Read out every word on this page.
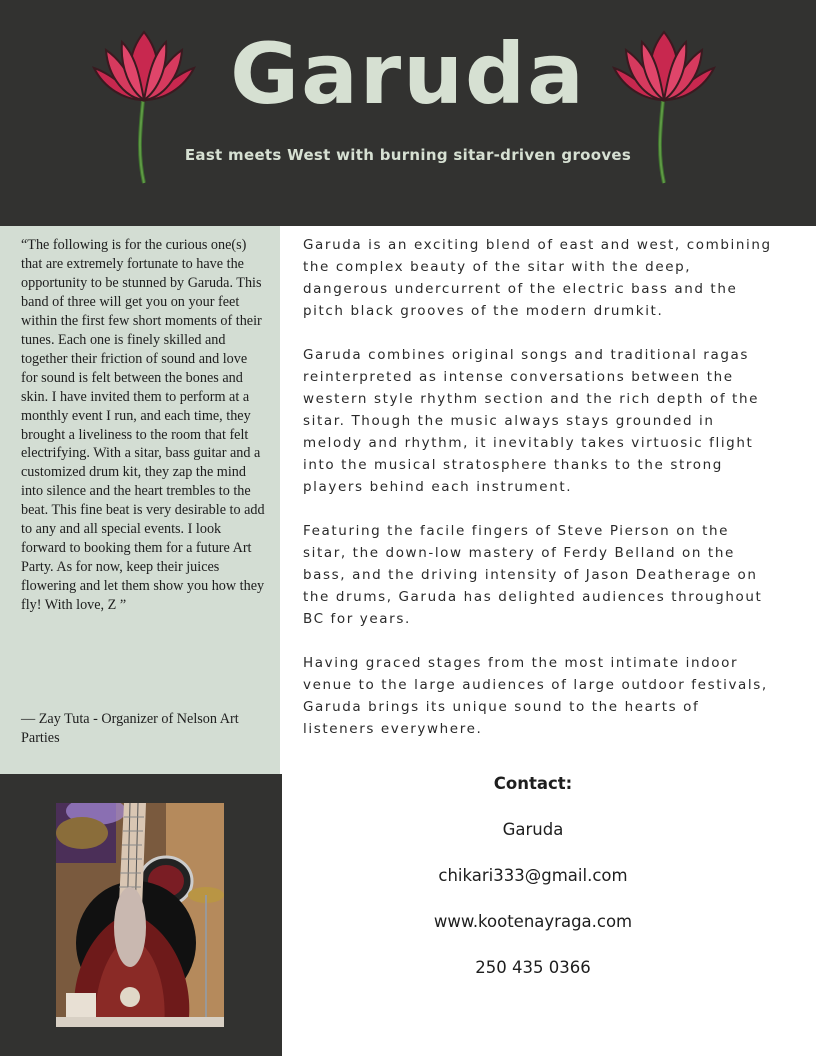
Garuda
East meets West with burning sitar-driven grooves
“The following is for the curious one(s) that are extremely fortunate to have the opportunity to be stunned by Garuda. This band of three will get you on your feet within the first few short moments of their tunes. Each one is finely skilled and together their friction of sound and love for sound is felt between the bones and skin. I have invited them to perform at a monthly event I run, and each time, they brought a liveliness to the room that felt electrifying. With a sitar, bass guitar and a customized drum kit, they zap the mind into silence and the heart trembles to the beat. This fine beat is very desirable to add to any and all special events. I look forward to booking them for a future Art Party. As for now, keep their juices flowering and let them show you how they fly! With love, Z ”
— Zay Tuta - Organizer of Nelson Art Parties

Garuda is an exciting blend of east and west, combining the complex beauty of the sitar with the deep, dangerous undercurrent of the electric bass and the pitch black grooves of the modern drumkit.

Garuda combines original songs and traditional ragas reinterpreted as intense conversations between the western style rhythm section and the rich depth of the sitar. Though the music always stays grounded in melody and rhythm, it inevitably takes virtuosic flight into the musical stratosphere thanks to the strong players behind each instrument.

Featuring the facile fingers of Steve Pierson on the sitar, the down-low mastery of Ferdy Belland on the bass, and the driving intensity of Jason Deatherage on the drums, Garuda has delighted audiences throughout BC for years.

Having graced stages from the most intimate indoor venue to the large audiences of large outdoor festivals, Garuda brings its unique sound to the hearts of listeners everywhere.

Contact:
Garuda
chikari333@gmail.com
www.kootenayraga.com
250 435 0366
